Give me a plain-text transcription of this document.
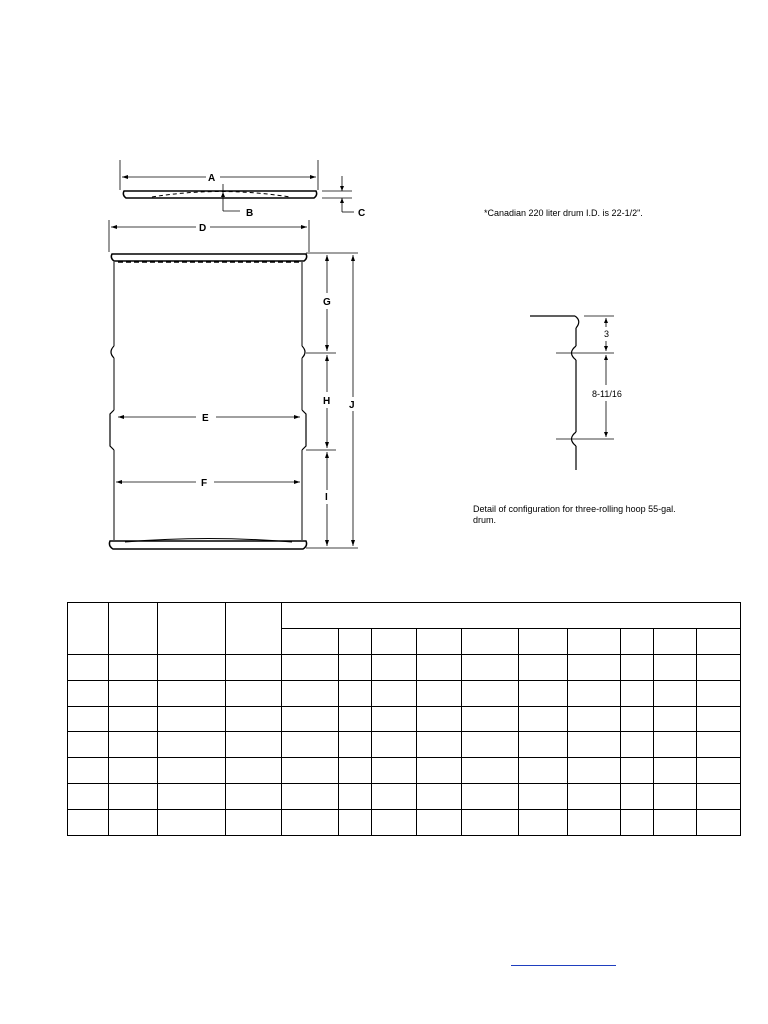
A
B	C
D
E
F
G
H
I
J
3
8-11/16
*Canadian 220 liter drum I.D. is 22-1/2".
Detail of configuration for three-rolling hoop 55-gal. drum.
